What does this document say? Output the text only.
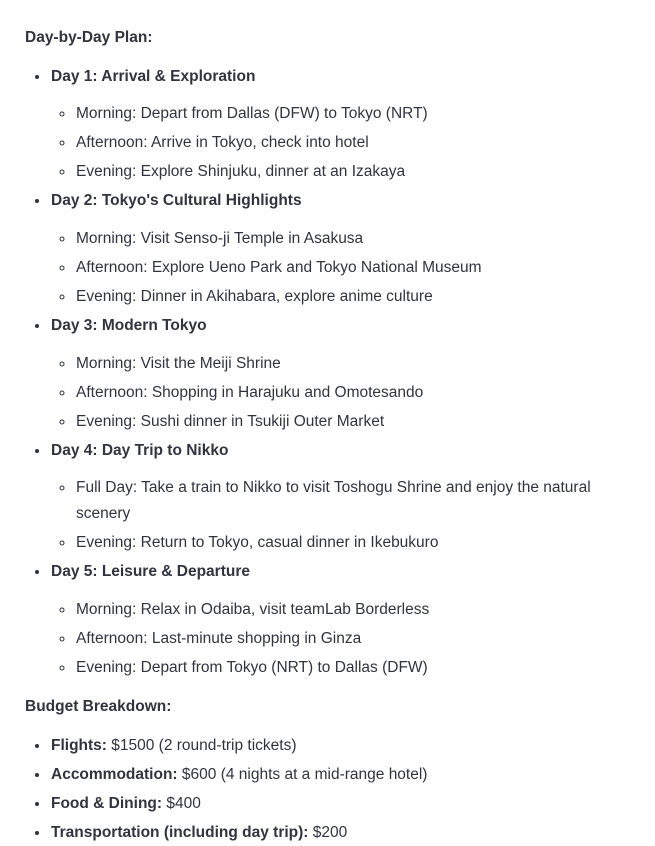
Day-by-Day Plan:

• Day 1: Arrival & Exploration
◦ Morning: Depart from Dallas (DFW) to Tokyo (NRT)
◦ Afternoon: Arrive in Tokyo, check into hotel
◦ Evening: Explore Shinjuku, dinner at an Izakaya
• Day 2: Tokyo's Cultural Highlights
◦ Morning: Visit Senso-ji Temple in Asakusa
◦ Afternoon: Explore Ueno Park and Tokyo National Museum
◦ Evening: Dinner in Akihabara, explore anime culture
• Day 3: Modern Tokyo
◦ Morning: Visit the Meiji Shrine
◦ Afternoon: Shopping in Harajuku and Omotesando
◦ Evening: Sushi dinner in Tsukiji Outer Market
• Day 4: Day Trip to Nikko
◦ Full Day: Take a train to Nikko to visit Toshogu Shrine and enjoy the natural scenery
◦ Evening: Return to Tokyo, casual dinner in Ikebukuro
• Day 5: Leisure & Departure
◦ Morning: Relax in Odaiba, visit teamLab Borderless
◦ Afternoon: Last-minute shopping in Ginza
◦ Evening: Depart from Tokyo (NRT) to Dallas (DFW)

Budget Breakdown:

• Flights: $1500 (2 round-trip tickets)
• Accommodation: $600 (4 nights at a mid-range hotel)
• Food & Dining: $400
• Transportation (including day trip): $200
